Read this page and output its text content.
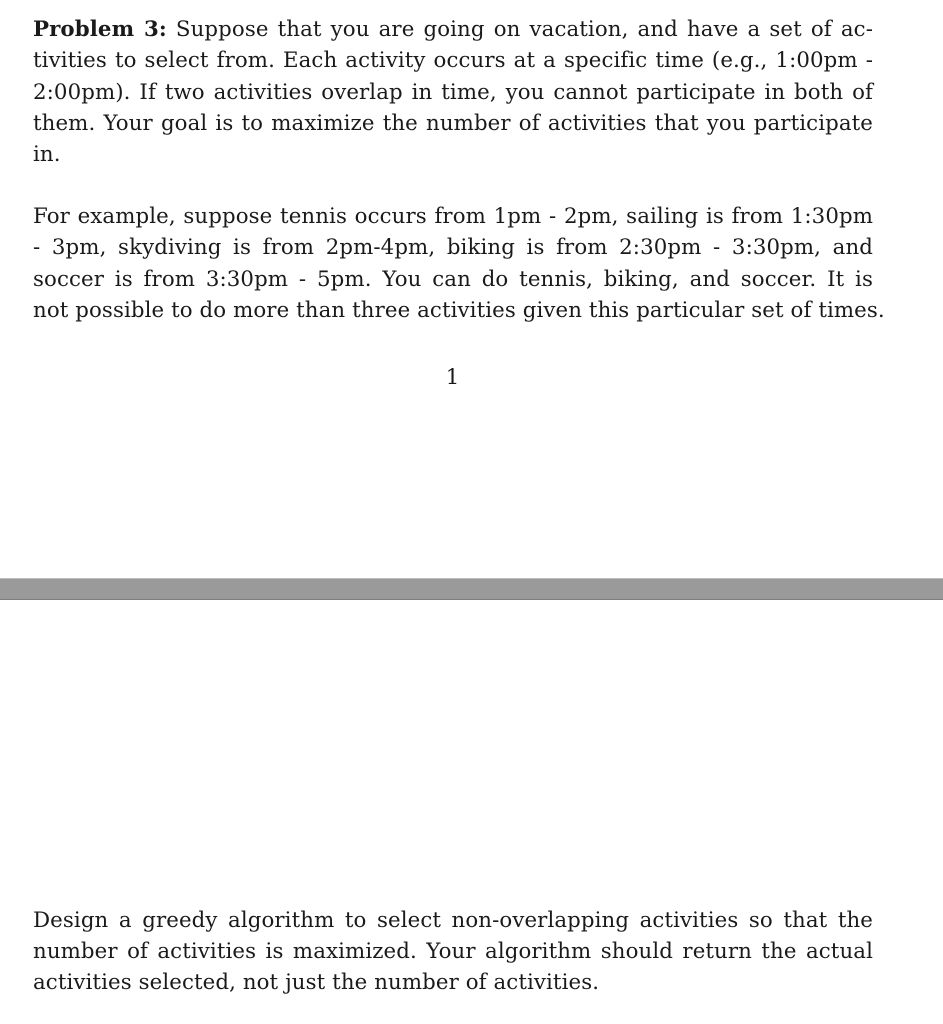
Problem 3: Suppose that you are going on vacation, and have a set of ac-

tivities to select from. Each activity occurs at a specific time (e.g., 1:00pm -

2:00pm). If two activities overlap in time, you cannot participate in both of

them. Your goal is to maximize the number of activities that you participate

in.

For example, suppose tennis occurs from 1pm - 2pm, sailing is from 1:30pm

- 3pm, skydiving is from 2pm-4pm, biking is from 2:30pm - 3:30pm, and

soccer is from 3:30pm - 5pm. You can do tennis, biking, and soccer. It is

not possible to do more than three activities given this particular set of times.

1

Design a greedy algorithm to select non-overlapping activities so that the

number of activities is maximized. Your algorithm should return the actual

activities selected, not just the number of activities.
